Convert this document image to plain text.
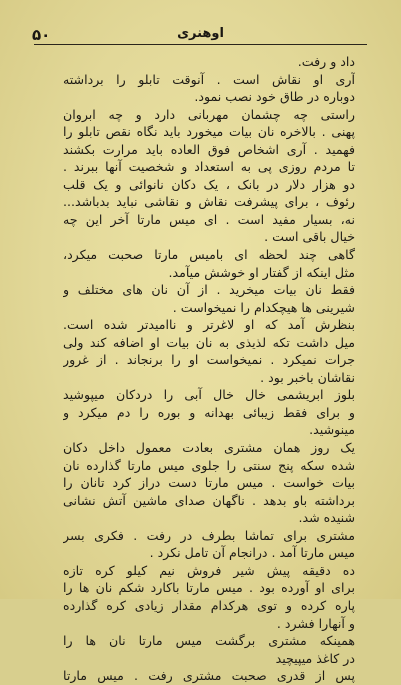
۵۰	اوهنری
داد و رفت.
آری او نقاش است . آنوقت تابلو را برداشته
دوباره در طاق خود نصب نمود.
راستی چه چشمان مهربانی دارد و چه ابروان
پهنی . بالاخره نان بیات میخورد باید نگاه نقص تابلو را
فهمید . آری اشخاص فوق العاده باید مرارت بکشند
تا مردم روزی پی به استعداد و شخصیت آنها ببرند .
دو هزار دلار در بانک ، یک دکان نانوائی و یک قلب
رئوف ، برای پیشرفت نقاش و نقاشی نباید بدباشد...
نه، بسیار مفید است . ای میس مارتا آخر این چه
خیال باقی است .
گاهی چند لحظه ای بامیس مارتا صحبت میکرد،
مثل اینکه از گفتار او خوشش میآمد.
فقط نان بیات میخرید . از آن نان های مختلف و
شیرینی ها هیچکدام را نمیخواست .
بنظرش آمد که او لاغرتر و ناامیدتر شده است.
میل داشت تکه لذیذی به نان بیات او اضافه کند ولی
جرات نمیکرد . نمیخواست او را برنجاند . از غرور
نقاشان باخبر بود .
بلوز ابریشمی خال خال آبی را دردکان میپوشید
و برای فقط زیبائی بهدانه و بوره را دم میکرد و
مینوشید.
یک روز همان مشتری بعادت معمول داخل دکان
شده سکه پنج سنتی را جلوی میس مارتا گذارده نان
بیات خواست . میس مارتا دست دراز کرد تانان را
برداشته باو بدهد . ناگهان صدای ماشین آتش نشانی
شنیده شد.
مشتری برای تماشا بطرف در رفت . فکری بسر
میس مارتا آمد . درانجام آن تامل نکرد .
ده دقیقه پیش شیر فروش نیم کیلو کره تازه
برای او آورده بود . میس مارتا باکارد شکم نان ها را
پاره کرده و توی هرکدام مقدار زیادی کره گذارده
و آنهارا فشرد .
همینکه مشتری برگشت میس مارتا نان ها را
در کاغذ میپیچید
پس از قدری صحبت مشتری رفت . میس مارتا
